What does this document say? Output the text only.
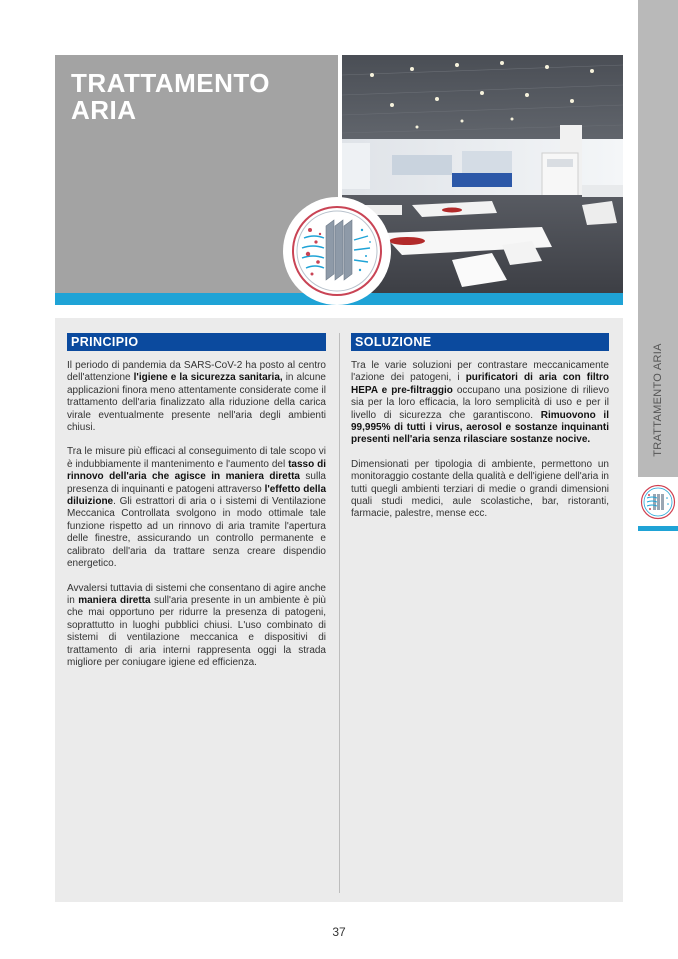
TRATTAMENTO ARIA
TRATTAMENTO
ARIA
PRINCIPIO

Il periodo di pandemia da SARS-CoV-2 ha posto al centro dell'attenzione l'igiene e la sicurezza sanitaria, in alcune applicazioni finora meno attentamente considerate come il trattamento dell'aria finalizzato alla riduzione della carica virale eventualmente presente nell'aria degli ambienti chiusi.

Tra le misure più efficaci al conseguimento di tale scopo vi è indubbiamente il mantenimento e l'aumento del tasso di rinnovo dell'aria che agisce in maniera diretta sulla presenza di inquinanti e patogeni attraverso l'effetto della diluizione. Gli estrattori di aria o i sistemi di Ventilazione Meccanica Controllata svolgono in modo ottimale tale funzione rispetto ad un rinnovo di aria tramite l'apertura delle finestre, assicurando un controllo permanente e calibrato dell'aria da trattare senza creare dispendio energetico.

Avvalersi tuttavia di sistemi che consentano di agire anche in maniera diretta sull'aria presente in un ambiente è più che mai opportuno per ridurre la presenza di patogeni, soprattutto in luoghi pubblici chiusi. L'uso combinato di sistemi di ventilazione meccanica e dispositivi di trattamento di aria interni rappresenta oggi la strada migliore per coniugare igiene ed efficienza.

SOLUZIONE

Tra le varie soluzioni per contrastare meccanicamente l'azione dei patogeni, i purificatori di aria con filtro HEPA e pre-filtraggio occupano una posizione di rilievo sia per la loro efficacia, la loro semplicità di uso e per il livello di sicurezza che garantiscono. Rimuovono il 99,995% di tutti i virus, aerosol e sostanze inquinanti presenti nell'aria senza rilasciare sostanze nocive.

Dimensionati per tipologia di ambiente, permettono un monitoraggio costante della qualità e dell'igiene dell'aria in tutti quegli ambienti terziari di medie o grandi dimensioni quali studi medici, aule scolastiche, bar, ristoranti, farmacie, palestre, mense ecc.

37
